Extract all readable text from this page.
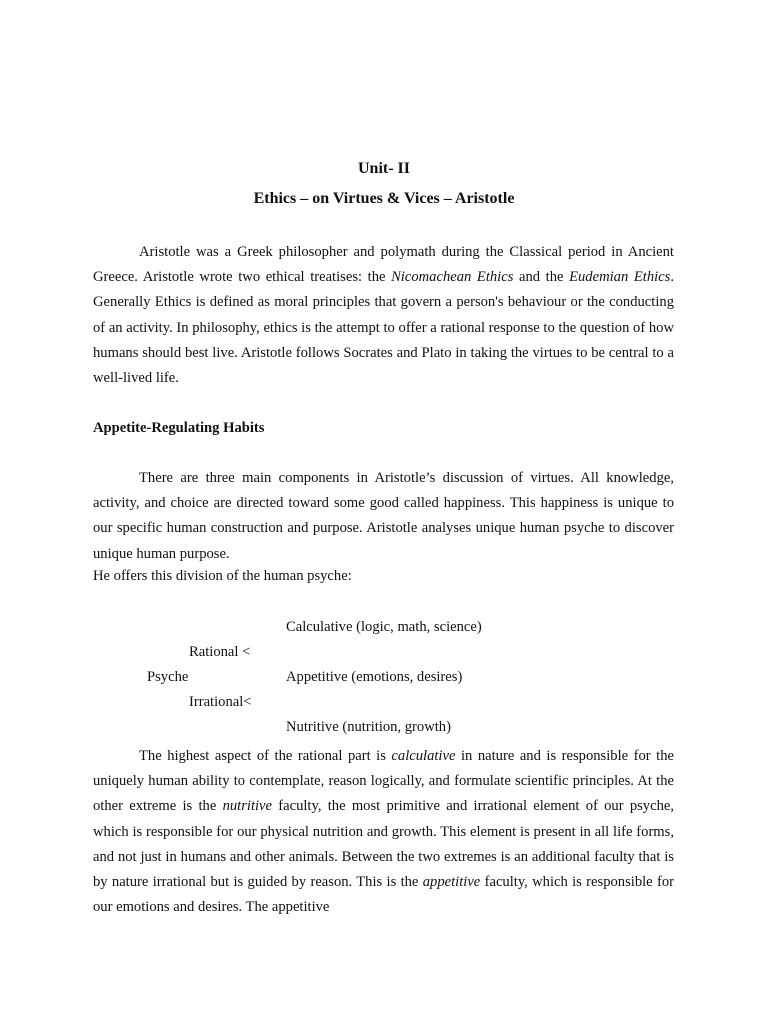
Unit- II
Ethics – on Virtues & Vices – Aristotle

Aristotle was a Greek philosopher and polymath during the Classical period in Ancient Greece. Aristotle wrote two ethical treatises: the Nicomachean Ethics and the Eudemian Ethics. Generally Ethics is defined as moral principles that govern a person's behaviour or the conducting of an activity. In philosophy, ethics is the attempt to offer a rational response to the question of how humans should best live. Aristotle follows Socrates and Plato in taking the virtues to be central to a well-lived life.

Appetite-Regulating Habits

There are three main components in Aristotle’s discussion of virtues. All knowledge, activity, and choice are directed toward some good called happiness. This happiness is unique to our specific human construction and purpose. Aristotle analyses unique human psyche to discover unique human purpose.

He offers this division of the human psyche:

Calculative (logic, math, science)

Rational <

Psyche	Appetitive (emotions, desires)

Irrational<

Nutritive (nutrition, growth)

The highest aspect of the rational part is calculative in nature and is responsible for the uniquely human ability to contemplate, reason logically, and formulate scientific principles. At the other extreme is the nutritive faculty, the most primitive and irrational element of our psyche, which is responsible for our physical nutrition and growth. This element is present in all life forms, and not just in humans and other animals. Between the two extremes is an additional faculty that is by nature irrational but is guided by reason. This is the appetitive faculty, which is responsible for our emotions and desires. The appetitive
